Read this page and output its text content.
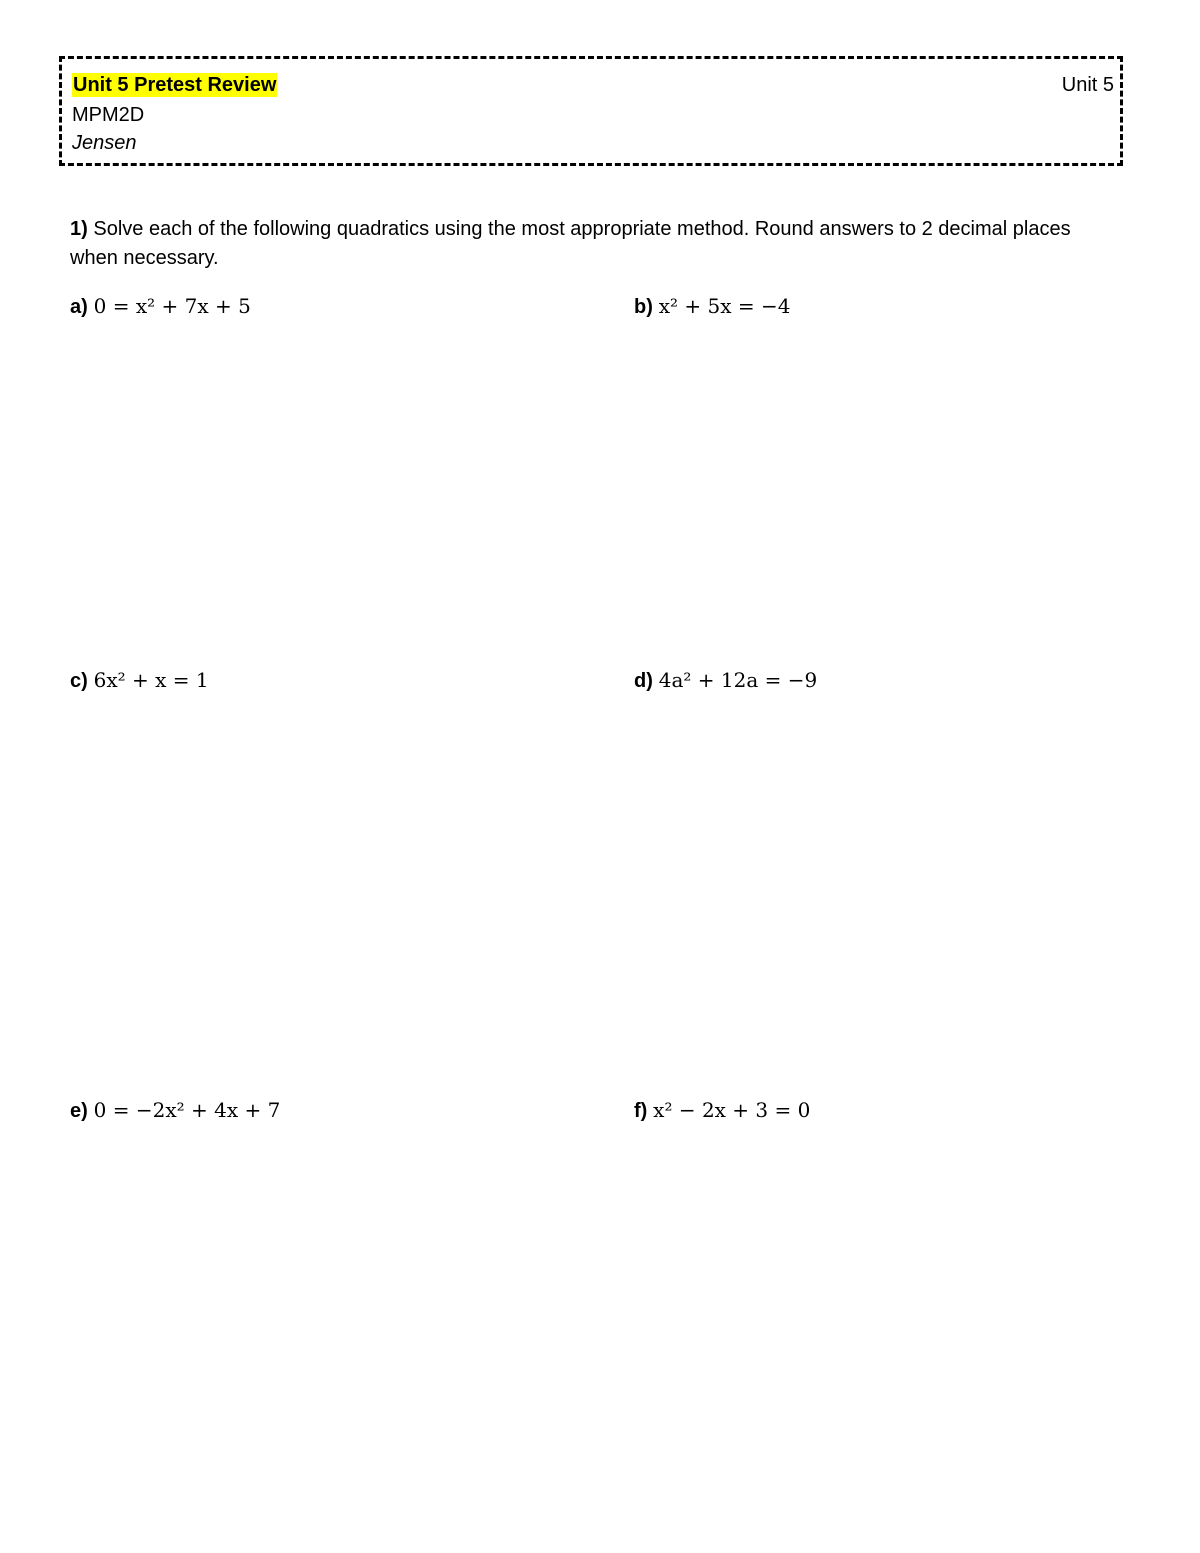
Unit 5 Pretest Review	Unit 5
MPM2D
Jensen
1) Solve each of the following quadratics using the most appropriate method. Round answers to 2 decimal places when necessary.
a) 0 = x² + 7x + 5	b) x² + 5x = −4
c) 6x² + x = 1	d) 4a² + 12a = −9
e) 0 = −2x² + 4x + 7	f) x² − 2x + 3 = 0
